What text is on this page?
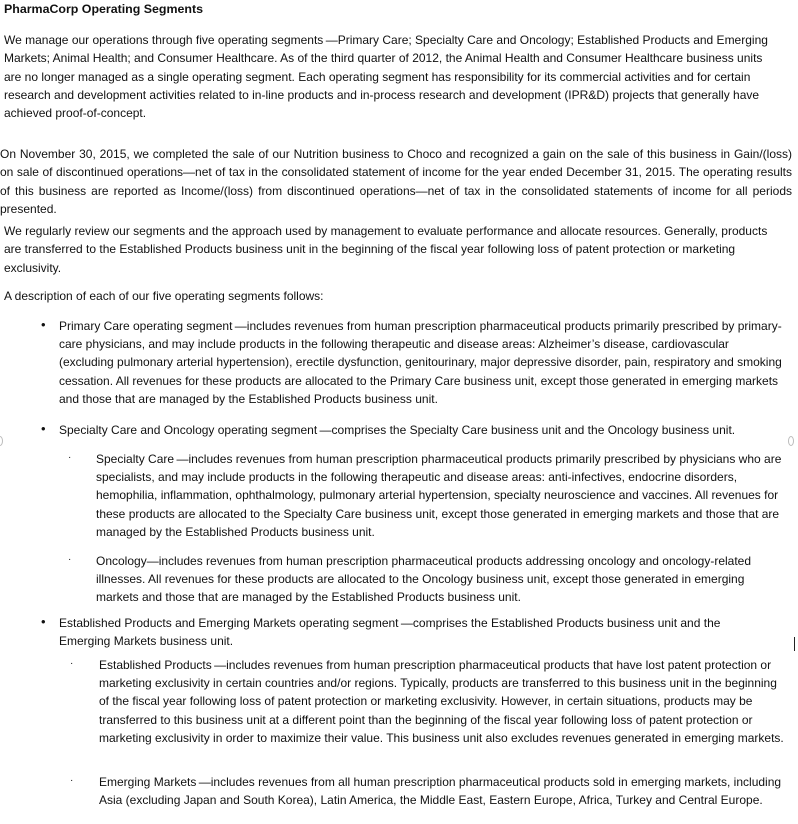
PharmaCorp Operating Segments

We manage our operations through five operating segments —Primary Care; Specialty Care and Oncology; Established Products and Emerging Markets; Animal Health; and Consumer Healthcare. As of the third quarter of 2012, the Animal Health and Consumer Healthcare business units are no longer managed as a single operating segment. Each operating segment has responsibility for its commercial activities and for certain research and development activities related to in-line products and in-process research and development (IPR&D) projects that generally have achieved proof-of-concept.

On November 30, 2015, we completed the sale of our Nutrition business to Choco and recognized a gain on the sale of this business in Gain/(loss) on sale of discontinued operations—net of tax in the consolidated statement of income for the year ended December 31, 2015. The operating results of this business are reported as Income/(loss) from discontinued operations—net of tax in the consolidated statements of income for all periods presented.

We regularly review our segments and the approach used by management to evaluate performance and allocate resources. Generally, products are transferred to the Established Products business unit in the beginning of the fiscal year following loss of patent protection or marketing exclusivity.

A description of each of our five operating segments follows:

• Primary Care operating segment —includes revenues from human prescription pharmaceutical products primarily prescribed by primary-care physicians, and may include products in the following therapeutic and disease areas: Alzheimer’s disease, cardiovascular (excluding pulmonary arterial hypertension), erectile dysfunction, genitourinary, major depressive disorder, pain, respiratory and smoking cessation. All revenues for these products are allocated to the Primary Care business unit, except those generated in emerging markets and those that are managed by the Established Products business unit.

• Specialty Care and Oncology operating segment —comprises the Specialty Care business unit and the Oncology business unit.

· Specialty Care —includes revenues from human prescription pharmaceutical products primarily prescribed by physicians who are specialists, and may include products in the following therapeutic and disease areas: anti-infectives, endocrine disorders, hemophilia, inflammation, ophthalmology, pulmonary arterial hypertension, specialty neuroscience and vaccines. All revenues for these products are allocated to the Specialty Care business unit, except those generated in emerging markets and those that are managed by the Established Products business unit.

· Oncology—includes revenues from human prescription pharmaceutical products addressing oncology and oncology-related illnesses. All revenues for these products are allocated to the Oncology business unit, except those generated in emerging markets and those that are managed by the Established Products business unit.

• Established Products and Emerging Markets operating segment —comprises the Established Products business unit and the Emerging Markets business unit.

· Established Products —includes revenues from human prescription pharmaceutical products that have lost patent protection or marketing exclusivity in certain countries and/or regions. Typically, products are transferred to this business unit in the beginning of the fiscal year following loss of patent protection or marketing exclusivity. However, in certain situations, products may be transferred to this business unit at a different point than the beginning of the fiscal year following loss of patent protection or marketing exclusivity in order to maximize their value. This business unit also excludes revenues generated in emerging markets.

· Emerging Markets —includes revenues from all human prescription pharmaceutical products sold in emerging markets, including Asia (excluding Japan and South Korea), Latin America, the Middle East, Eastern Europe, Africa, Turkey and Central Europe.
